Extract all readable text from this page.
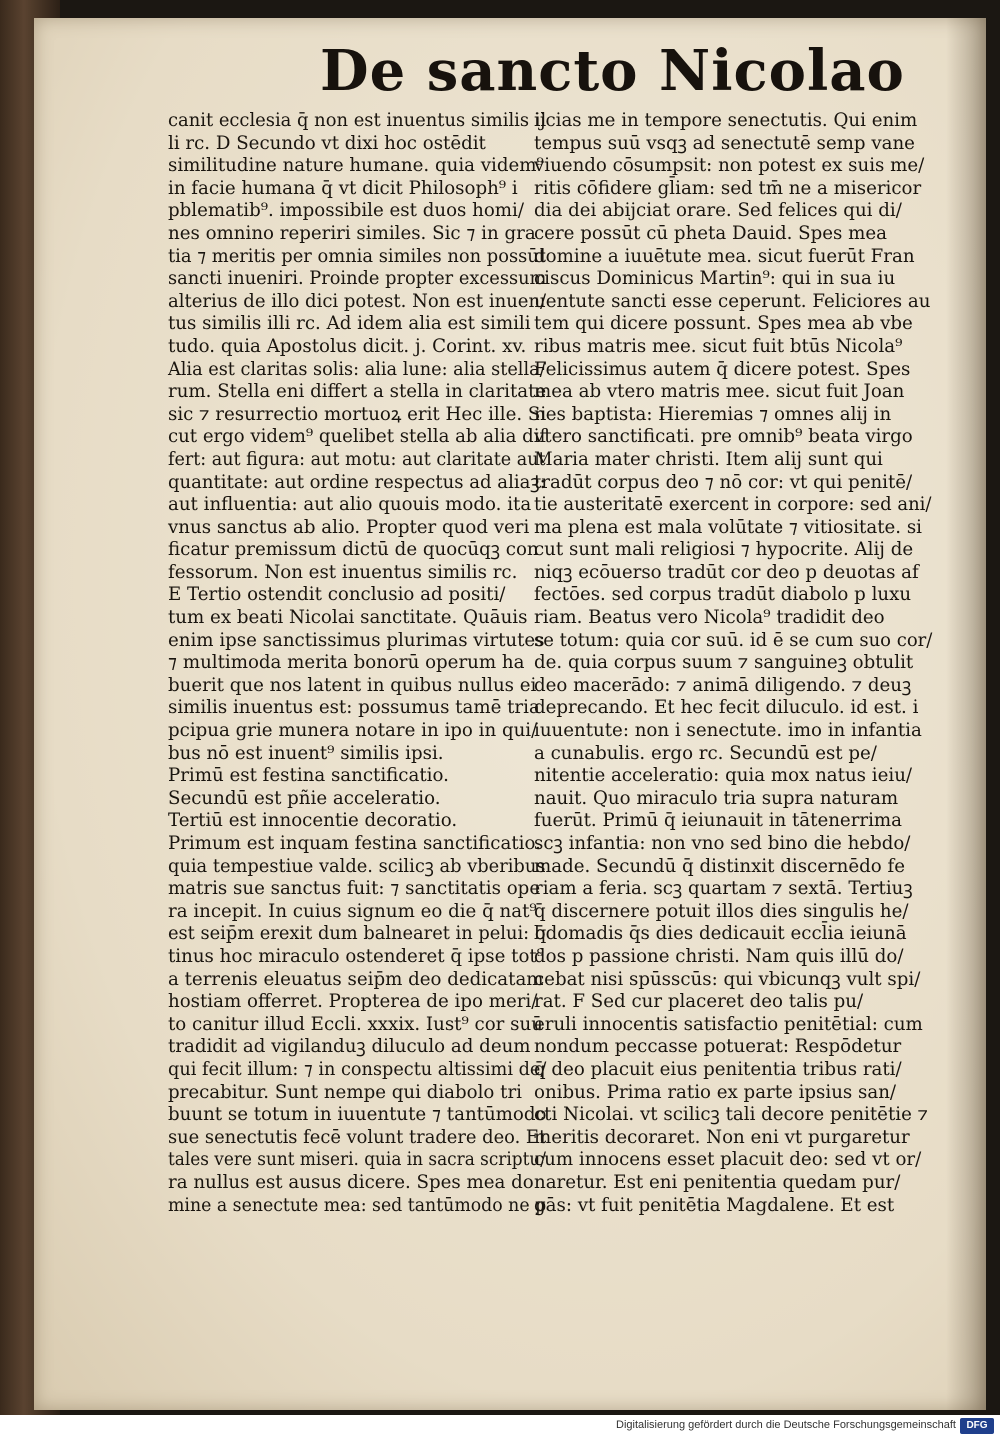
De sancto Nicolao
canit ecclesia q̄ non est inuentus similis il
li rc. D Secundo vt dixi hoc ostēdit
similitudine nature humane. quia videm⁹
in facie humana q̄ vt dicit Philosoph⁹ i
pblematib⁹. impossibile est duos homi/
nes omnino reperiri similes. Sic ⁊ in gra
tia ⁊ meritis per omnia similes non possūt
sancti inueniri. Proinde propter excessum
alterius de illo dici potest. Non est inuen/
tus similis illi rc. Ad idem alia est simili
tudo. quia Apostolus dicit. j. Corint. xv.
Alia est claritas solis: alia lune: alia stella/
rum. Stella eni differt a stella in claritate
sic ⁊ resurrectio mortuoꝝ erit Hec ille. Si
cut ergo videm⁹ quelibet stella ab alia dif
fert: aut figura: aut motu: aut claritate aut
quantitate: aut ordine respectus ad aliaꝫ:
aut influentia: aut alio quouis modo. ita
vnus sanctus ab alio. Propter quod veri
ficatur premissum dictū de quocūqꝫ con
fessorum. Non est inuentus similis rc.
E Tertio ostendit conclusio ad positi/
tum ex beati Nicolai sanctitate. Quāuis
enim ipse sanctissimus plurimas virtutes
⁊ multimoda merita bonorū operum ha
buerit que nos latent in quibus nullus ei
similis inuentus est: possumus tamē tria
pcipua grie munera notare in ipo in qui/
bus nō est inuent⁹ similis ipsi.
Primū est festina sanctificatio.
Secundū est pñie acceleratio.
Tertiū est innocentie decoratio.
Primum est inquam festina sanctificatio.
quia tempestiue valde. scilicꝫ ab vberibus
matris sue sanctus fuit: ⁊ sanctitatis ope
ra incepit. In cuius signum eo die q̄ nat⁹
est seip̄m erexit dum balnearet in pelui: q̄
tinus hoc miraculo ostenderet q̄ ipse tot⁹
a terrenis eleuatus seip̄m deo dedicatam
hostiam offerret. Propterea de ipo meri/
to canitur illud Eccli. xxxix. Iust⁹ cor suū
tradidit ad vigilanduꝫ diluculo ad deum
qui fecit illum: ⁊ in conspectu altissimi de/
precabitur. Sunt nempe qui diabolo tri
buunt se totum in iuuentute ⁊ tantūmodo
sue senectutis fecē volunt tradere deo. Et
tales vere sunt miseri. quia in sacra scriptu/
ra nullus est ausus dicere. Spes mea do
mine a senectute mea: sed tantūmodo ne p
ijcias me in tempore senectutis. Qui enim
tempus suū vsqꝫ ad senectutē semp vane
viuendo cōsumpsit: non potest ex suis me/
ritis cōfidere gl̄iam: sed tm̄ ne a misericor
dia dei abijciat orare. Sed felices qui di/
cere possūt cū pheta Dauid. Spes mea
domine a iuuētute mea. sicut fuerūt Fran
ciscus Dominicus Martin⁹: qui in sua iu
uentute sancti esse ceperunt. Feliciores au
tem qui dicere possunt. Spes mea ab vbe
ribus matris mee. sicut fuit btūs Nicola⁹
Felicissimus autem q̄ dicere potest. Spes
mea ab vtero matris mee. sicut fuit Joan
nes baptista: Hieremias ⁊ omnes alij in
vtero sanctificati. pre omnib⁹ beata virgo
Maria mater christi. Item alij sunt qui
tradūt corpus deo ⁊ nō cor: vt qui penitē/
tie austeritatē exercent in corpore: sed ani/
ma plena est mala volūtate ⁊ vitiositate. si
cut sunt mali religiosi ⁊ hypocrite. Alij de
niqꝫ ecōuerso tradūt cor deo p deuotas af
fectōes. sed corpus tradūt diabolo p luxu
riam. Beatus vero Nicola⁹ tradidit deo
se totum: quia cor suū. id ē se cum suo cor/
de. quia corpus suum ⁊ sanguineꝫ obtulit
deo macerādo: ⁊ animā diligendo. ⁊ deuꝫ
deprecando. Et hec fecit diluculo. id est. i
iuuentute: non i senectute. imo in infantia
a cunabulis. ergo rc. Secundū est pe/
nitentie acceleratio: quia mox natus ieiu/
nauit. Quo miraculo tria supra naturam
fuerūt. Primū q̄ ieiunauit in tātenerrima
scꝫ infantia: non vno sed bino die hebdo/
made. Secundū q̄ distinxit discernēdo fe
riam a feria. scꝫ quartam ⁊ sextā. Tertiuꝫ
q̄ discernere potuit illos dies singulis he/
bdomadis q̄s dies dedicauit eccl̄ia ieiunā
dos p passione christi. Nam quis illū do/
cebat nisi spūsscūs: qui vbicunqꝫ vult spi/
rat. F Sed cur placeret deo talis pu/
eruli innocentis satisfactio penitētial: cum
nondum peccasse potuerat: Respōdetur
q̄ deo placuit eius penitentia tribus rati/
onibus. Prima ratio ex parte ipsius san/
cti Nicolai. vt scilicꝫ tali decore penitētie ⁊
meritis decoraret. Non eni vt purgaretur
cum innocens esset placuit deo: sed vt or/
naretur. Est eni penitentia quedam pur/
gās: vt fuit penitētia Magdalene. Et est
Digitalisierung gefördert durch die Deutsche Forschungsgemeinschaft	DFG
